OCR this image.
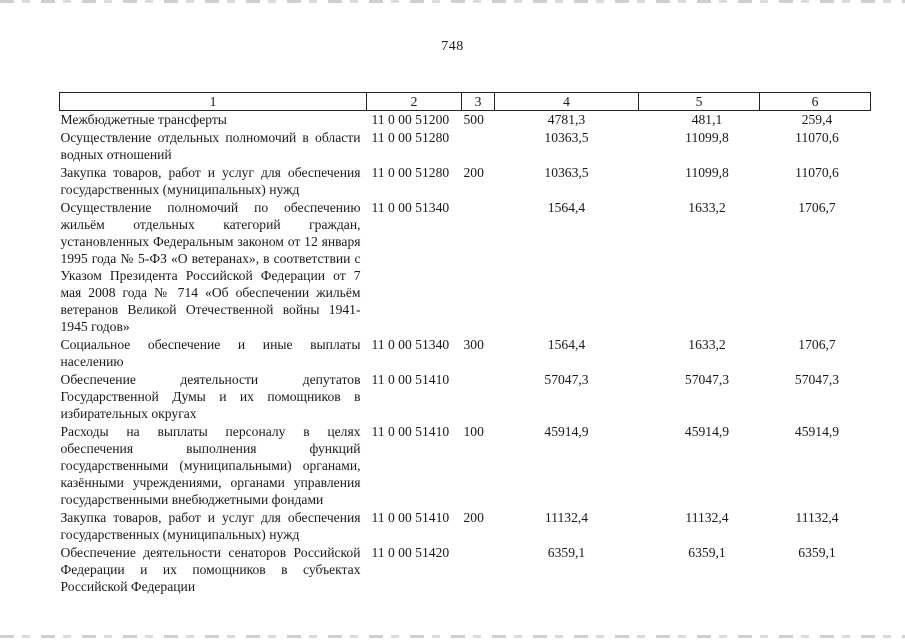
748
1	2	3	4	5	6
Межбюджетные трансферты	11 0 00 51200	500	4781,3	481,1	259,4
Осуществление отдельных полномочий в области водных отношений	11 0 00 51280		10363,5	11099,8	11070,6
Закупка товаров, работ и услуг для обеспечения государственных (муниципальных) нужд	11 0 00 51280	200	10363,5	11099,8	11070,6
Осуществление полномочий по обеспечению жильём отдельных категорий граждан, установленных Федеральным законом от 12 января 1995 года № 5-ФЗ «О ветеранах», в соответствии с Указом Президента Российской Федерации от 7 мая 2008 года № 714 «Об обеспечении жильём ветеранов Великой Отечественной войны 1941-1945 годов»	11 0 00 51340		1564,4	1633,2	1706,7
Социальное обеспечение и иные выплаты населению	11 0 00 51340	300	1564,4	1633,2	1706,7
Обеспечение деятельности депутатов Государственной Думы и их помощников в избирательных округах	11 0 00 51410		57047,3	57047,3	57047,3
Расходы на выплаты персоналу в целях обеспечения выполнения функций государственными (муниципальными) органами, казёнными учреждениями, органами управления государственными внебюджетными фондами	11 0 00 51410	100	45914,9	45914,9	45914,9
Закупка товаров, работ и услуг для обеспечения государственных (муниципальных) нужд	11 0 00 51410	200	11132,4	11132,4	11132,4
Обеспечение деятельности сенаторов Российской Федерации и их помощников в субъектах Российской Федерации	11 0 00 51420		6359,1	6359,1	6359,1
